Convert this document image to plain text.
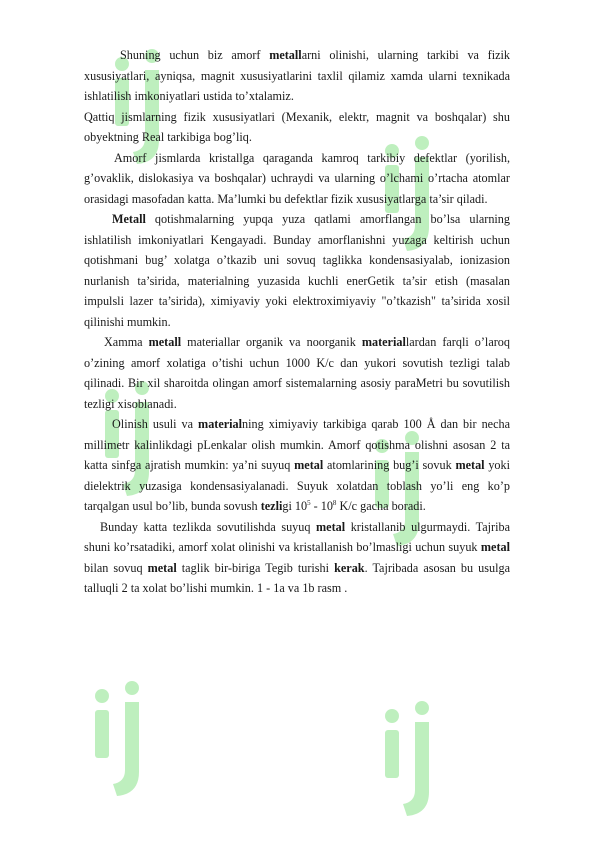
Shuning uchun biz amorf metallarni olinishi, ularning tarkibi va fizik xususiyatlari, ayniqsa, magnit xususiyatlarini taxlil qilamiz xamda ularni texnikada ishlatilish imkoniyatlari ustida to’xtalamiz.

Qattiq jismlarning fizik xususiyatlari (Mexanik, elektr, magnit va boshqalar) shu obyektning Real tarkibiga bog’liq.

Amorf jismlarda kristallga qaraganda kamroq tarkibiy defektlar (yorilish, g’ovaklik, dislokasiya va boshqalar) uchraydi va ularning o’lchami o’rtacha atomlar orasidagi masofadan katta. Ma’lumki bu defektlar fizik xususiyatlarga ta’sir qiladi.

Metall qotishmalarning yupqa yuza qatlami amorflangan bo’lsa ularning ishlatilish imkoniyatlari Kengayadi. Bunday amorflanishni yuzaga keltirish uchun qotishmani bug’ xolatga o’tkazib uni sovuq taglikka kondensasiyalab, ionizasion nurlanish ta’sirida, materialning yuzasida kuchli enerGetik ta’sir etish (masalan impulsli lazer ta’sirida), ximiyaviy yoki elektroximiyaviy "o’tkazish" ta’sirida xosil qilinishi mumkin.

Xamma metall materiallar organik va noorganik materiallardan farqli o’laroq o’zining amorf xolatiga o’tishi uchun 1000 K/c dan yukori sovutish tezligi talab qilinadi. Bir xil sharoitda olingan amorf sistemalarning asosiy paraMetri bu sovutilish tezligi xisoblanadi.

Olinish usuli va materialning ximiyaviy tarkibiga qarab 100 Å dan bir necha millimetr kalinlikdagi pLenkalar olish mumkin. Amorf qotishma olishni asosan 2 ta katta sinfga ajratish mumkin: ya’ni suyuq metal atomlarining bug’i sovuk metal yoki dielektrik yuzasiga kondensasiyalanadi. Suyuk xolatdan toblash yo’li eng ko’p tarqalgan usul bo’lib, bunda sovush tezligi $10^5 - 10^8$ K/c gacha boradi.

Bunday katta tezlikda sovutilishda suyuq metal kristallanib ulgurmaydi. Tajriba shuni ko’rsatadiki, amorf xolat olinishi va kristallanish bo’lmasligi uchun suyuk metal bilan sovuq metal taglik bir-biriga Tegib turishi kerak. Tajribada asosan bu usulga talluqli 2 ta xolat bo’lishi mumkin. 1 - 1a va 1b rasm .
